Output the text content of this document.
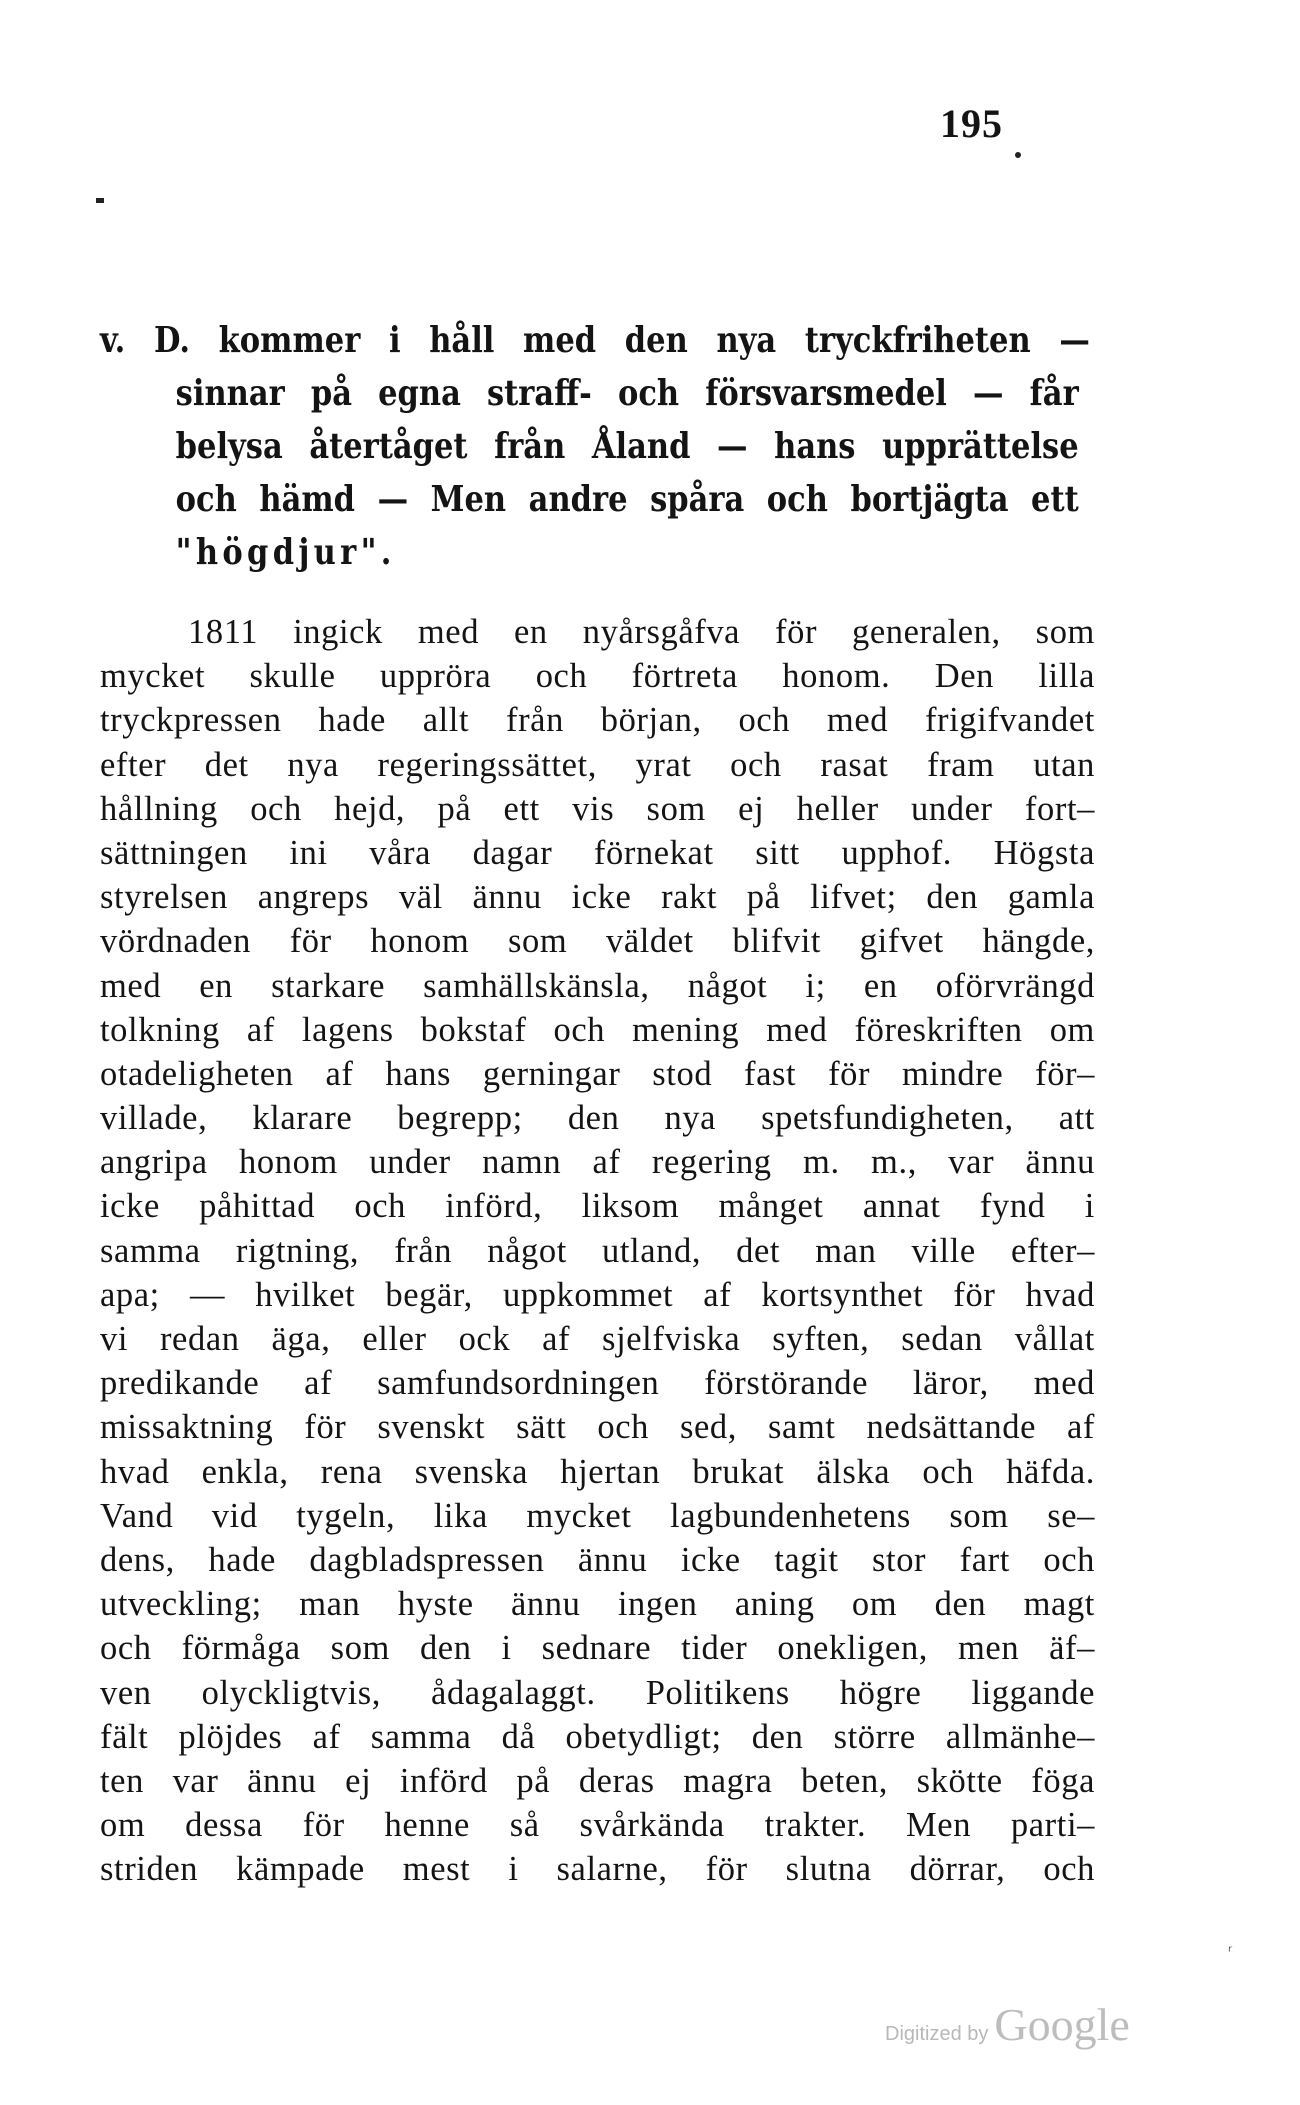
195
v. D. kommer i håll med den nya tryckfriheten —
sinnar på egna straff- och försvarsmedel — får
belysa återtåget från Åland — hans upprättelse
och hämd — Men andre spåra och bortjägta ett
"högdjur".
1811 ingick med en nyårsgåfva för generalen, som
mycket skulle uppröra och förtreta honom. Den lilla
tryckpressen hade allt från början, och med frigifvandet
efter det nya regeringssättet, yrat och rasat fram utan
hållning och hejd, på ett vis som ej heller under fort–
sättningen ini våra dagar förnekat sitt upphof. Högsta
styrelsen angreps väl ännu icke rakt på lifvet; den gamla
vördnaden för honom som väldet blifvit gifvet hängde,
med en starkare samhällskänsla, något i; en oförvrängd
tolkning af lagens bokstaf och mening med föreskriften om
otadeligheten af hans gerningar stod fast för mindre för–
villade, klarare begrepp; den nya spetsfundigheten, att
angripa honom under namn af regering m. m., var ännu
icke påhittad och införd, liksom månget annat fynd i
samma rigtning, från något utland, det man ville efter–
apa; — hvilket begär, uppkommet af kortsynthet för hvad
vi redan äga, eller ock af sjelfviska syften, sedan vållat
predikande af samfundsordningen förstörande läror, med
missaktning för svenskt sätt och sed, samt nedsättande af
hvad enkla, rena svenska hjertan brukat älska och häfda.
Vand vid tygeln, lika mycket lagbundenhetens som se–
dens, hade dagbladspressen ännu icke tagit stor fart och
utveckling; man hyste ännu ingen aning om den magt
och förmåga som den i sednare tider onekligen, men äf–
ven olyckligtvis, ådagalaggt. Politikens högre liggande
fält plöjdes af samma då obetydligt; den större allmänhe–
ten var ännu ej införd på deras magra beten, skötte föga
om dessa för henne så svårkända trakter. Men parti–
striden kämpade mest i salarne, för slutna dörrar, och
ʳ
Digitized by Google
